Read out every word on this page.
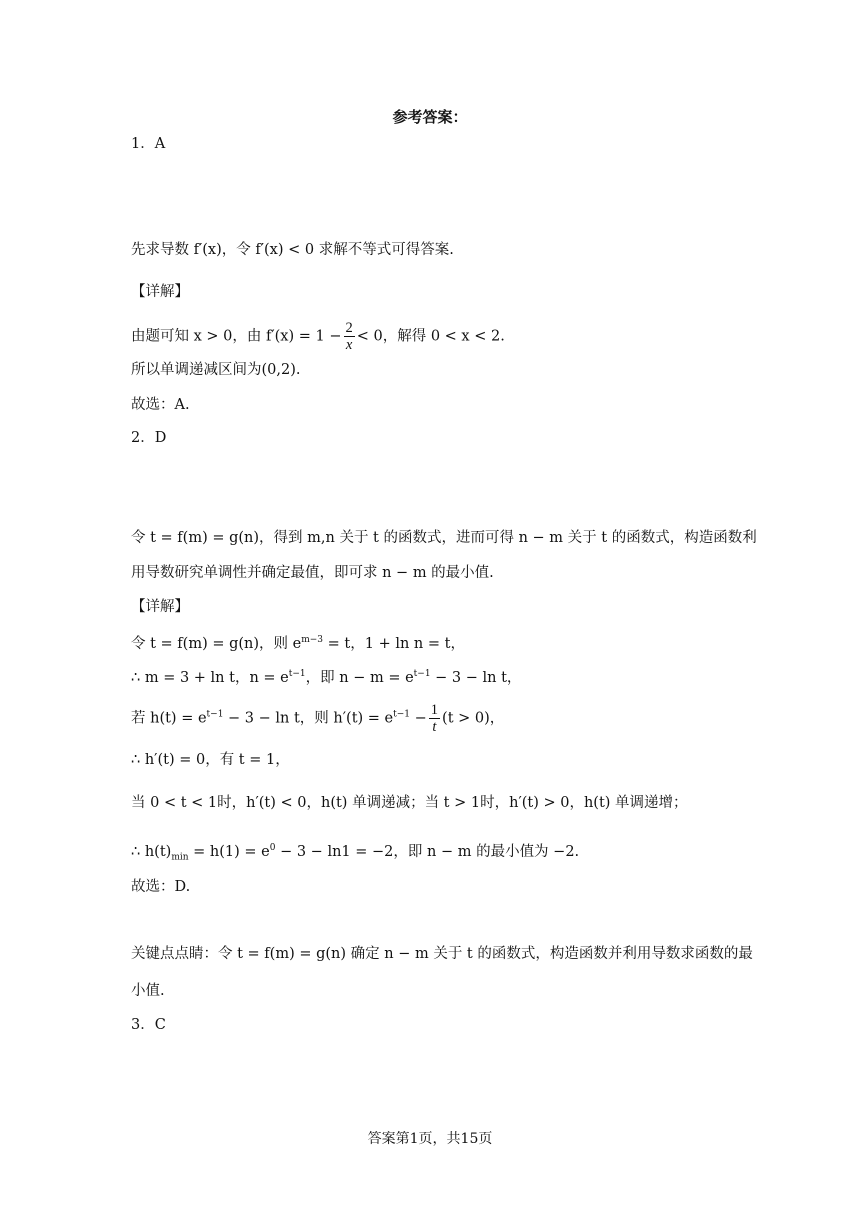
参考答案：
1．A
先求导数 f′(x)，令 f′(x) < 0 求解不等式可得答案.
【详解】
由题可知 x > 0，由 $f'(x) = 1 - \frac{2}{x} < 0$，解得 0 < x < 2.
所以单调递减区间为(0,2).
故选：A.
2．D
令 t = f(m) = g(n)，得到 m,n 关于 t 的函数式，进而可得 n − m 关于 t 的函数式，构造函数利
用导数研究单调性并确定最值，即可求 n − m 的最小值.
【详解】
令 t = f(m) = g(n)，则 $e^{m-3} = t$，1 + ln n = t，
∴ m = 3 + ln t，$n = e^{t-1}$，即 $n - m = e^{t-1} - 3 - \ln t$，
若 $h(t) = e^{t-1} - 3 - \ln t$，则 $h'(t) = e^{t-1} - \frac{1}{t} (t > 0)$，
∴ h′(t) = 0，有 t = 1，
当 0 < t < 1时，h′(t) < 0，h(t) 单调递减；当 t > 1时，h′(t) > 0，h(t) 单调递增；
∴ $h(t)_{min} = h(1) = e^0 - 3 - \ln 1 = -2$，即 n − m 的最小值为 −2.
故选：D.
关键点点睛：令 t = f(m) = g(n) 确定 n − m 关于 t 的函数式，构造函数并利用导数求函数的最
小值.
3．C
答案第1页，共15页
